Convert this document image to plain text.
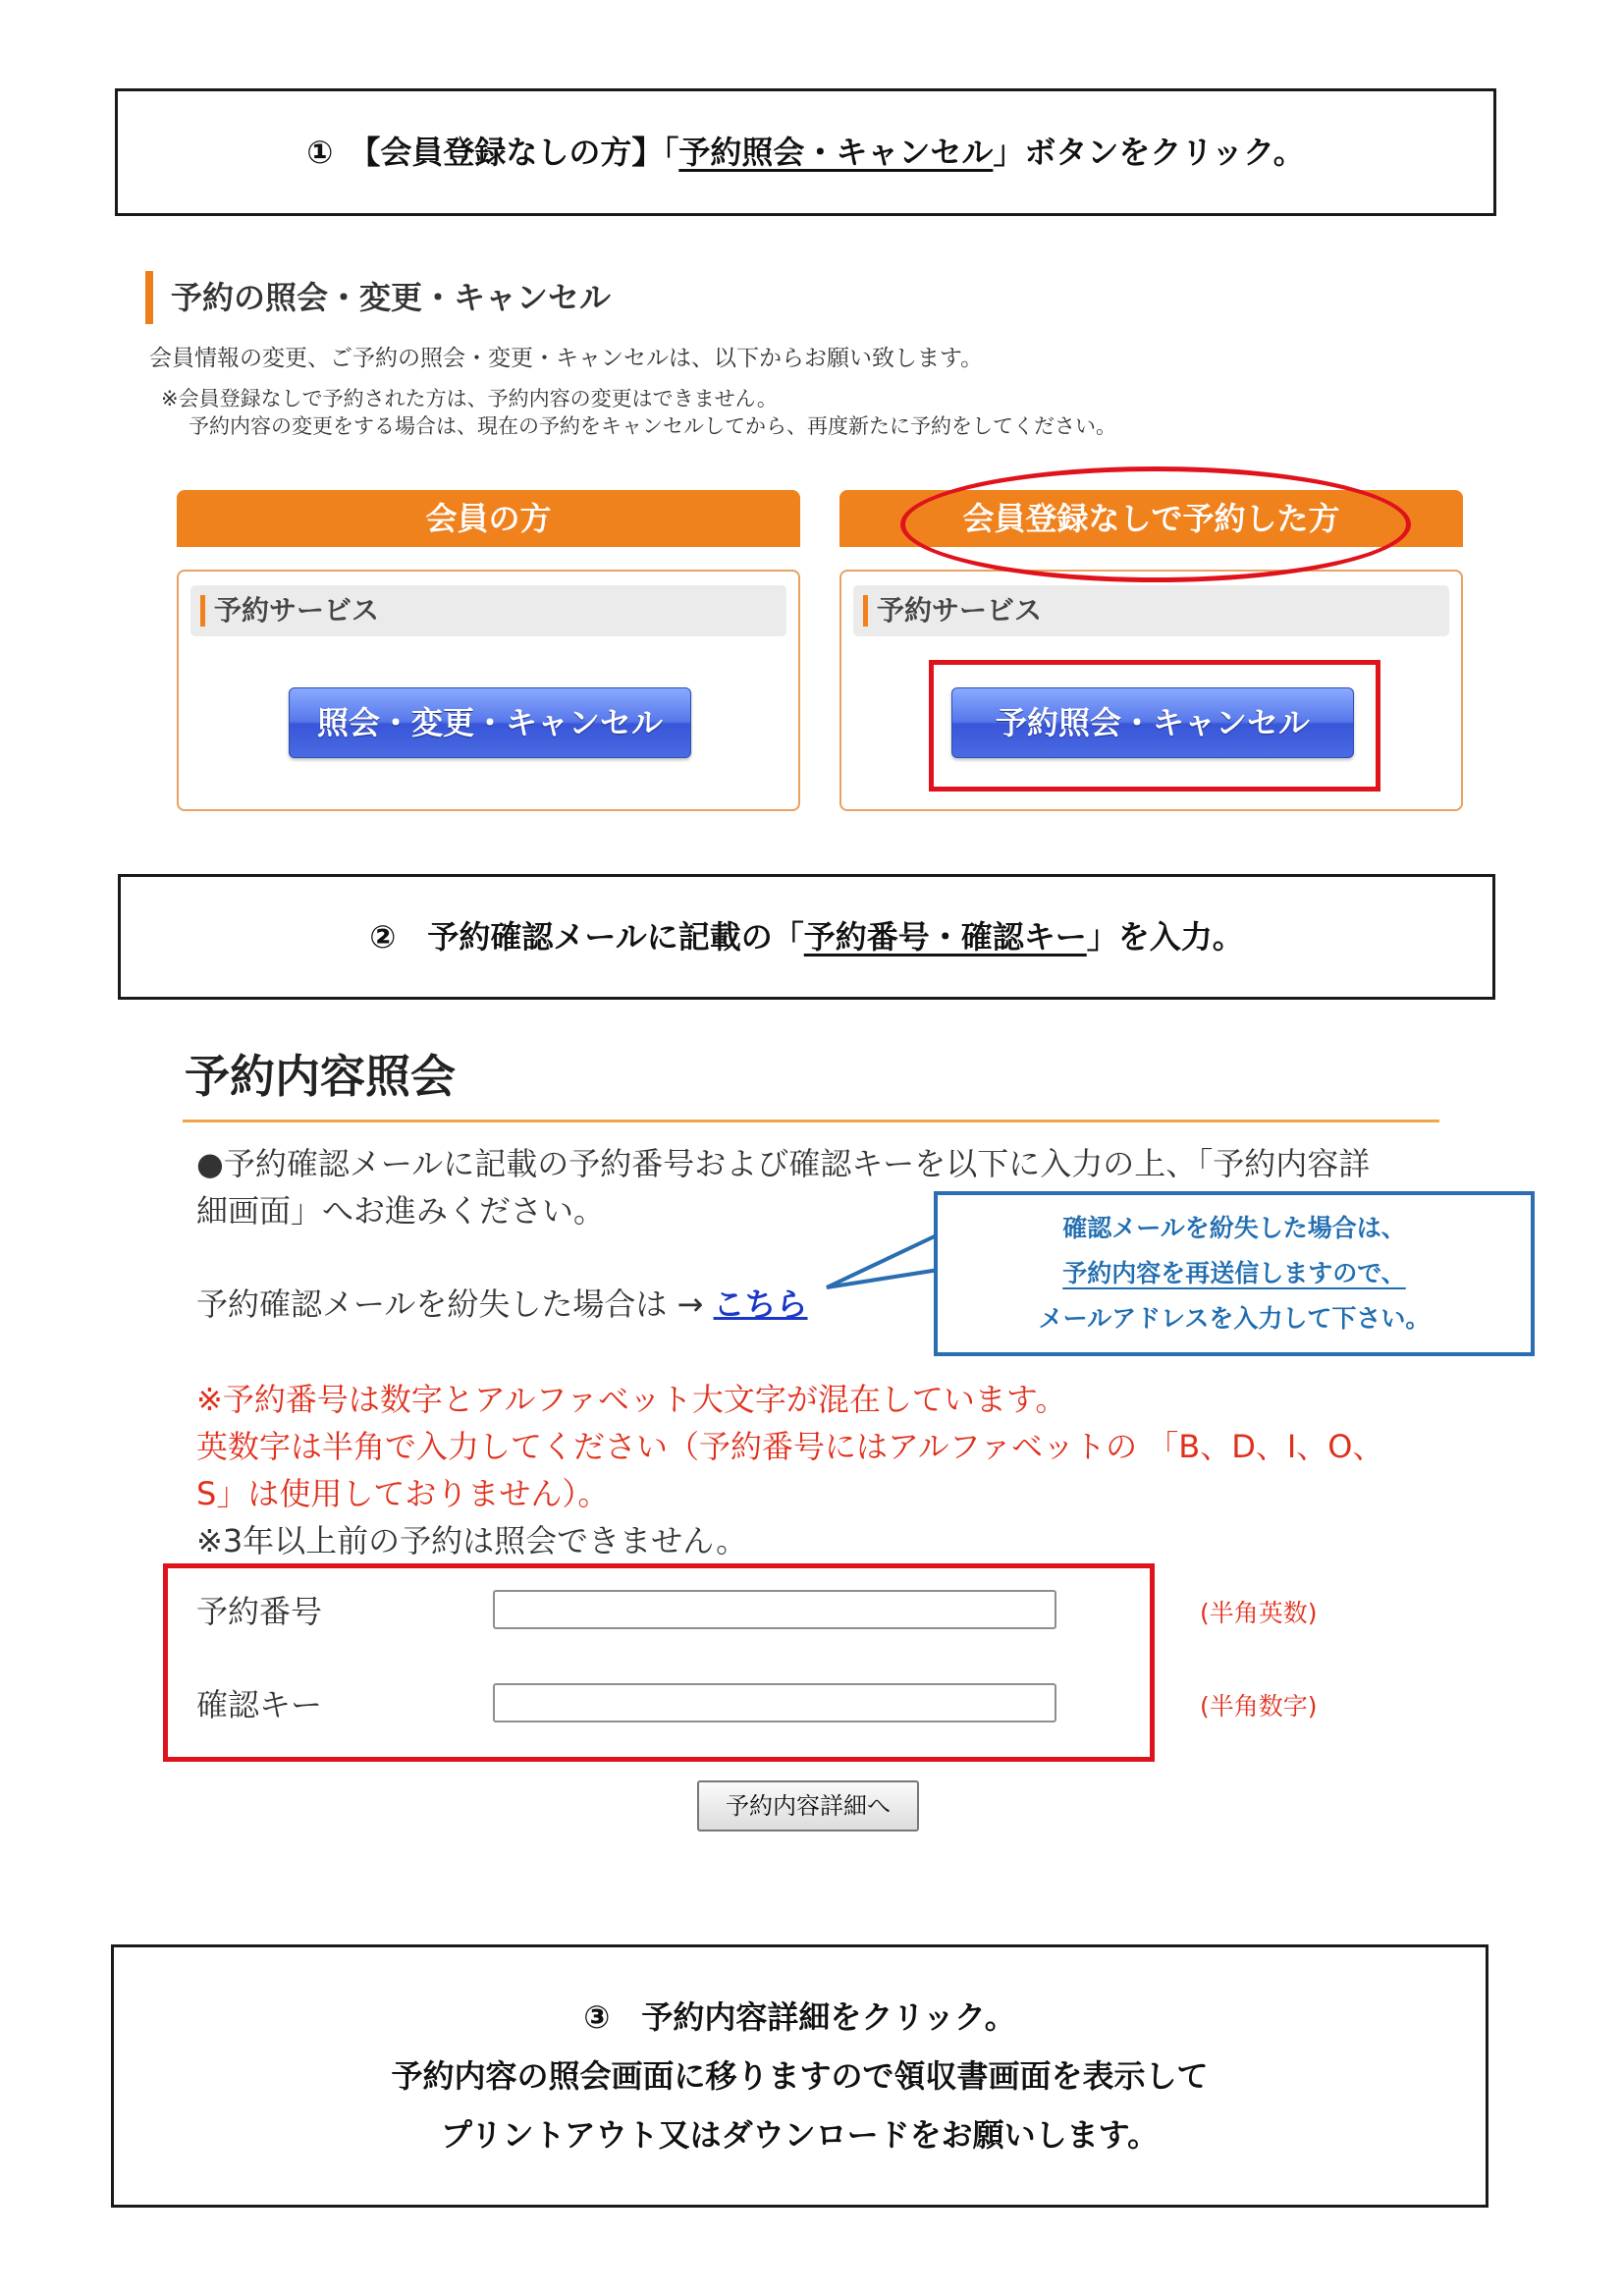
①　 【会員登録なしの方】「予約照会・キャンセル」ボタンをクリック。
予約の照会・変更・キャンセル
会員情報の変更、ご予約の照会・変更・キャンセルは、以下からお願い致します。
※会員登録なしで予約された方は、予約内容の変更はできません。
予約内容の変更をする場合は、現在の予約をキャンセルしてから、再度新たに予約をしてください。
会員の方
予約サービス
照会・変更・キャンセル
会員登録なしで予約した方
予約サービス
予約照会・キャンセル
②　 予約確認メールに記載の「予約番号・確認キー」を入力。
予約内容照会
●予約確認メールに記載の予約番号および確認キーを以下に入力の上、「予約内容詳
細画面」へお進みください。
予約確認メールを紛失した場合は → こちら
確認メールを紛失した場合は、
予約内容を再送信しますので、
メールアドレスを入力して下さい。
※予約番号は数字とアルファベット大文字が混在しています。
英数字は半角で入力してください（予約番号にはアルファベットの 「B、D、I、O、
S」は使用しておりません）。
※3年以上前の予約は照会できません。
予約番号	(半角英数)
確認キー	(半角数字)
予約内容詳細へ
③　予約内容詳細をクリック。
予約内容の照会画面に移りますので領収書画面を表示して
プリントアウト又はダウンロードをお願いします。
